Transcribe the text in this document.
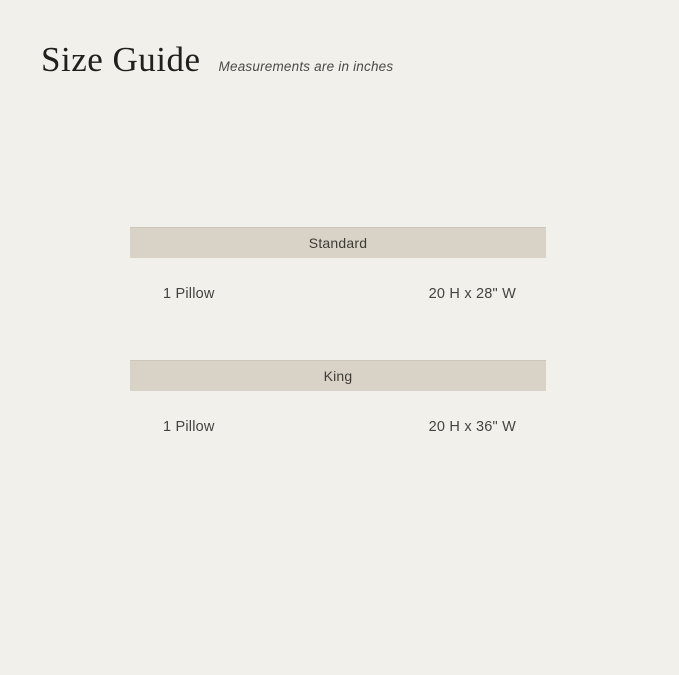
Size Guide Measurements are in inches
Standard
1 Pillow	20 H x 28" W
King
1 Pillow	20 H x 36" W
